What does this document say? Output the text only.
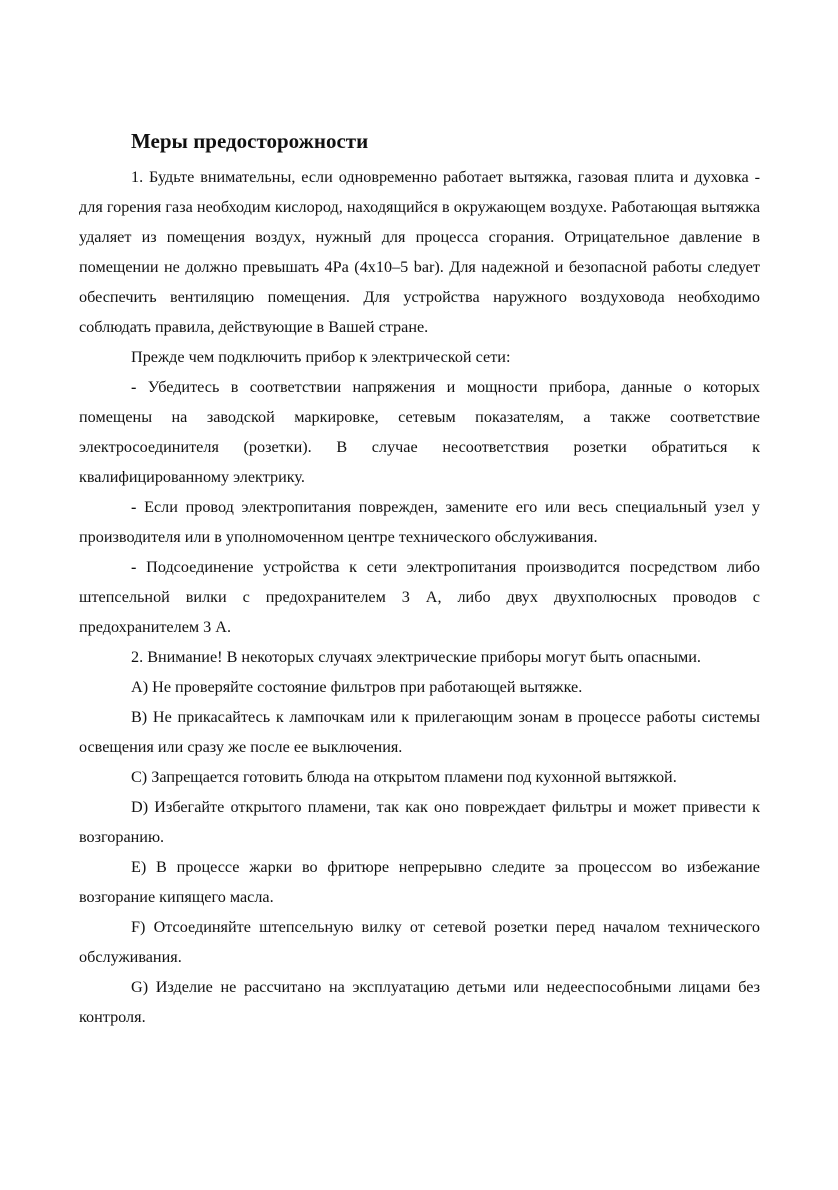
Меры предосторожности

1. Будьте внимательны, если одновременно работает вытяжка, газовая плита и духовка - для горения газа необходим кислород, находящийся в окружающем воздухе. Работающая вытяжка удаляет из помещения воздух, нужный для процесса сгорания. Отрицательное давление в помещении не должно превышать 4Pa (4x10–5 bar). Для надежной и безопасной работы следует обеспечить вентиляцию помещения. Для устройства наружного воздуховода необходимо соблюдать правила, действующие в Вашей стране.

Прежде чем подключить прибор к электрической сети:

- Убедитесь в соответствии напряжения и мощности прибора, данные о которых помещены на заводской маркировке, сетевым показателям, а также соответствие электросоединителя (розетки). В случае несоответствия розетки обратиться к квалифицированному электрику.

- Если провод электропитания поврежден, замените его или весь специальный узел у производителя или в уполномоченном центре технического обслуживания.

- Подсоединение устройства к сети электропитания производится посредством либо штепсельной вилки с предохранителем 3 А, либо двух двухполюсных проводов с предохранителем 3 А.

2. Внимание! В некоторых случаях электрические приборы могут быть опасными.

A) Не проверяйте состояние фильтров при работающей вытяжке.

B) Не прикасайтесь к лампочкам или к прилегающим зонам в процессе работы системы освещения или сразу же после ее выключения.

C) Запрещается готовить блюда на открытом пламени под кухонной вытяжкой.

D) Избегайте открытого пламени, так как оно повреждает фильтры и может привести к возгоранию.

E) В процессе жарки во фритюре непрерывно следите за процессом во избежание возгорание кипящего масла.

F) Отсоединяйте штепсельную вилку от сетевой розетки перед началом технического обслуживания.

G) Изделие не рассчитано на эксплуатацию детьми или недееспособными лицами без контроля.
